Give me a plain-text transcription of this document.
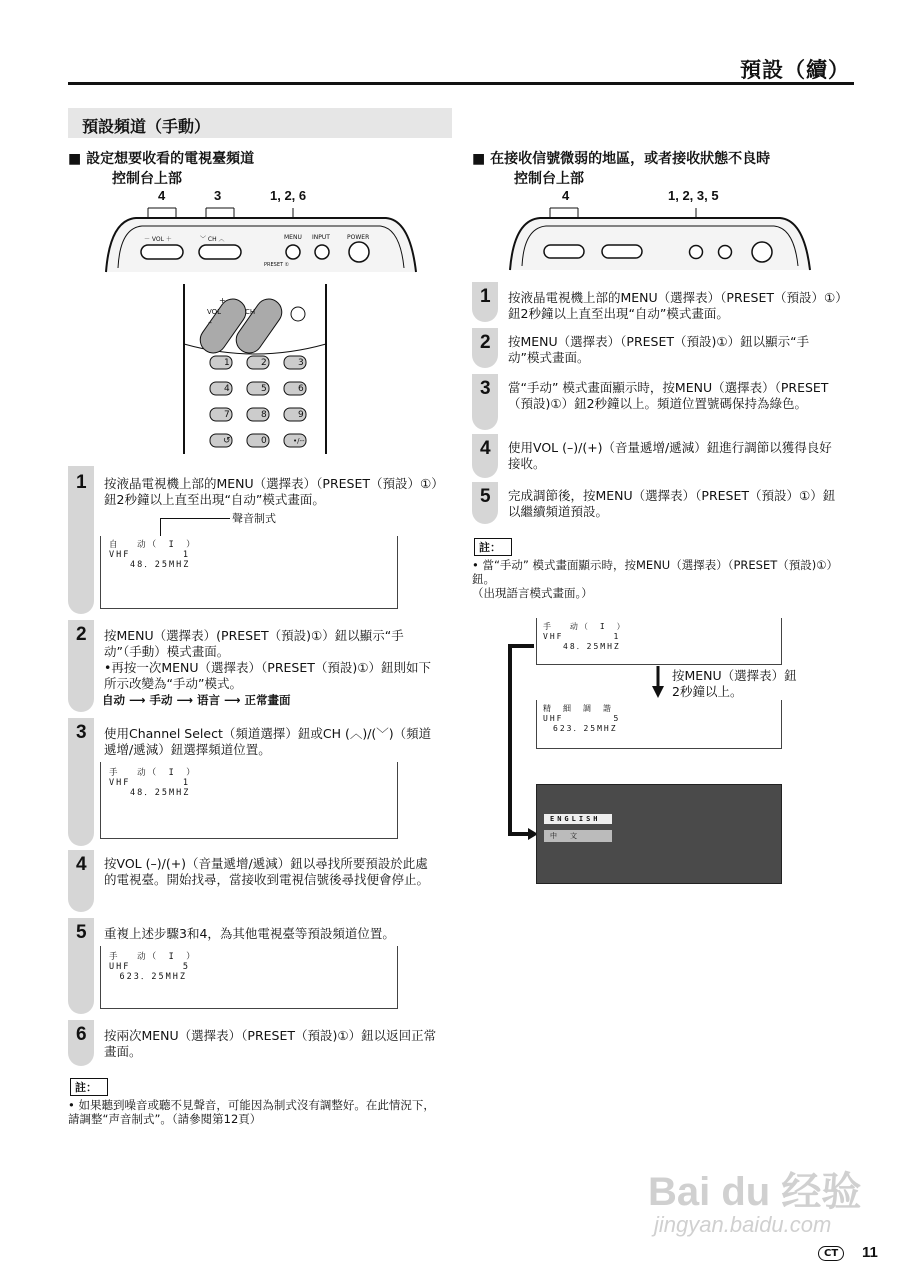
預設（續）
預設頻道（手動）
■ 設定想要收看的電視臺頻道
控制台上部
4	3	1, 2, 6
－ VOL ＋	﹀ CH ︿	MENU INPUT	POWER
PRESET ①
VOL	CH
+
–
1	2	3
4	5	6
7	8	9
↺	0	•/--
1 按液晶電視機上部的MENU（選擇表）（PRESET（預設）①）鈕2秒鐘以上直至出現“自动”模式畫面。
聲音制式
自　 动（　I　）
VHF　　　　　1
　　48．25MHZ
2 按MENU（選擇表）(PRESET（預設)①）鈕以顯示“手动”（手動）模式畫面。
•再按一次MENU（選擇表）（PRESET（預設)①）鈕則如下所示改變為“手动”模式。
自动 ⟶ 手动 ⟶ 语言 ⟶ 正常畫面
3 使用Channel Select（頻道選擇）鈕或CH (︿)/(﹀)（頻道遞增/遞減）鈕選擇頻道位置。
手　 动（　I　）
VHF　　　　　1
　　48．25MHZ
4 按VOL (–)/(+)（音量遞增/遞減）鈕以尋找所要預設於此處的電視臺。開始找尋，當接收到電視信號後尋找便會停止。
5 重複上述步驟3和4，為其他電視臺等預設頻道位置。
手　 动（　I　）
UHF　　　　　5
　623．25MHZ
6 按兩次MENU（選擇表）（PRESET（預設)①）鈕以返回正常畫面。
註：
• 如果聽到噪音或聽不見聲音，可能因為制式沒有調整好。在此情況下，請調整“声音制式”。（請參閱第12頁）
■ 在接收信號微弱的地區，或者接收狀態不良時
控制台上部
4	1, 2, 3, 5
1 按液晶電視機上部的MENU（選擇表）（PRESET（預設）①）鈕2秒鐘以上直至出現“自动”模式畫面。
2 按MENU（選擇表）（PRESET（預設)①）鈕以顯示“手动”模式畫面。
3 當“手动” 模式畫面顯示時，按MENU（選擇表）（PRESET（預設)①）鈕2秒鐘以上。頻道位置號碼保持為綠色。
4 使用VOL (–)/(+)（音量遞增/遞減）鈕進行調節以獲得良好接收。
5 完成調節後，按MENU（選擇表）（PRESET（預設）①）鈕以繼續頻道預設。
註：
• 當“手动” 模式畫面顯示時，按MENU（選擇表）（PRESET（預設)①）鈕。
（出現語言模式畫面。）
手　 动（　I　）
VHF　　　　　1
　　48．25MHZ
按MENU（選擇表）鈕
2秒鐘以上。
精　細　調　諧
UHF　　　　　5
　623．25MHZ
ENGLISH
中　文
Bai du 经验
jingyan.baidu.com
CT	11
